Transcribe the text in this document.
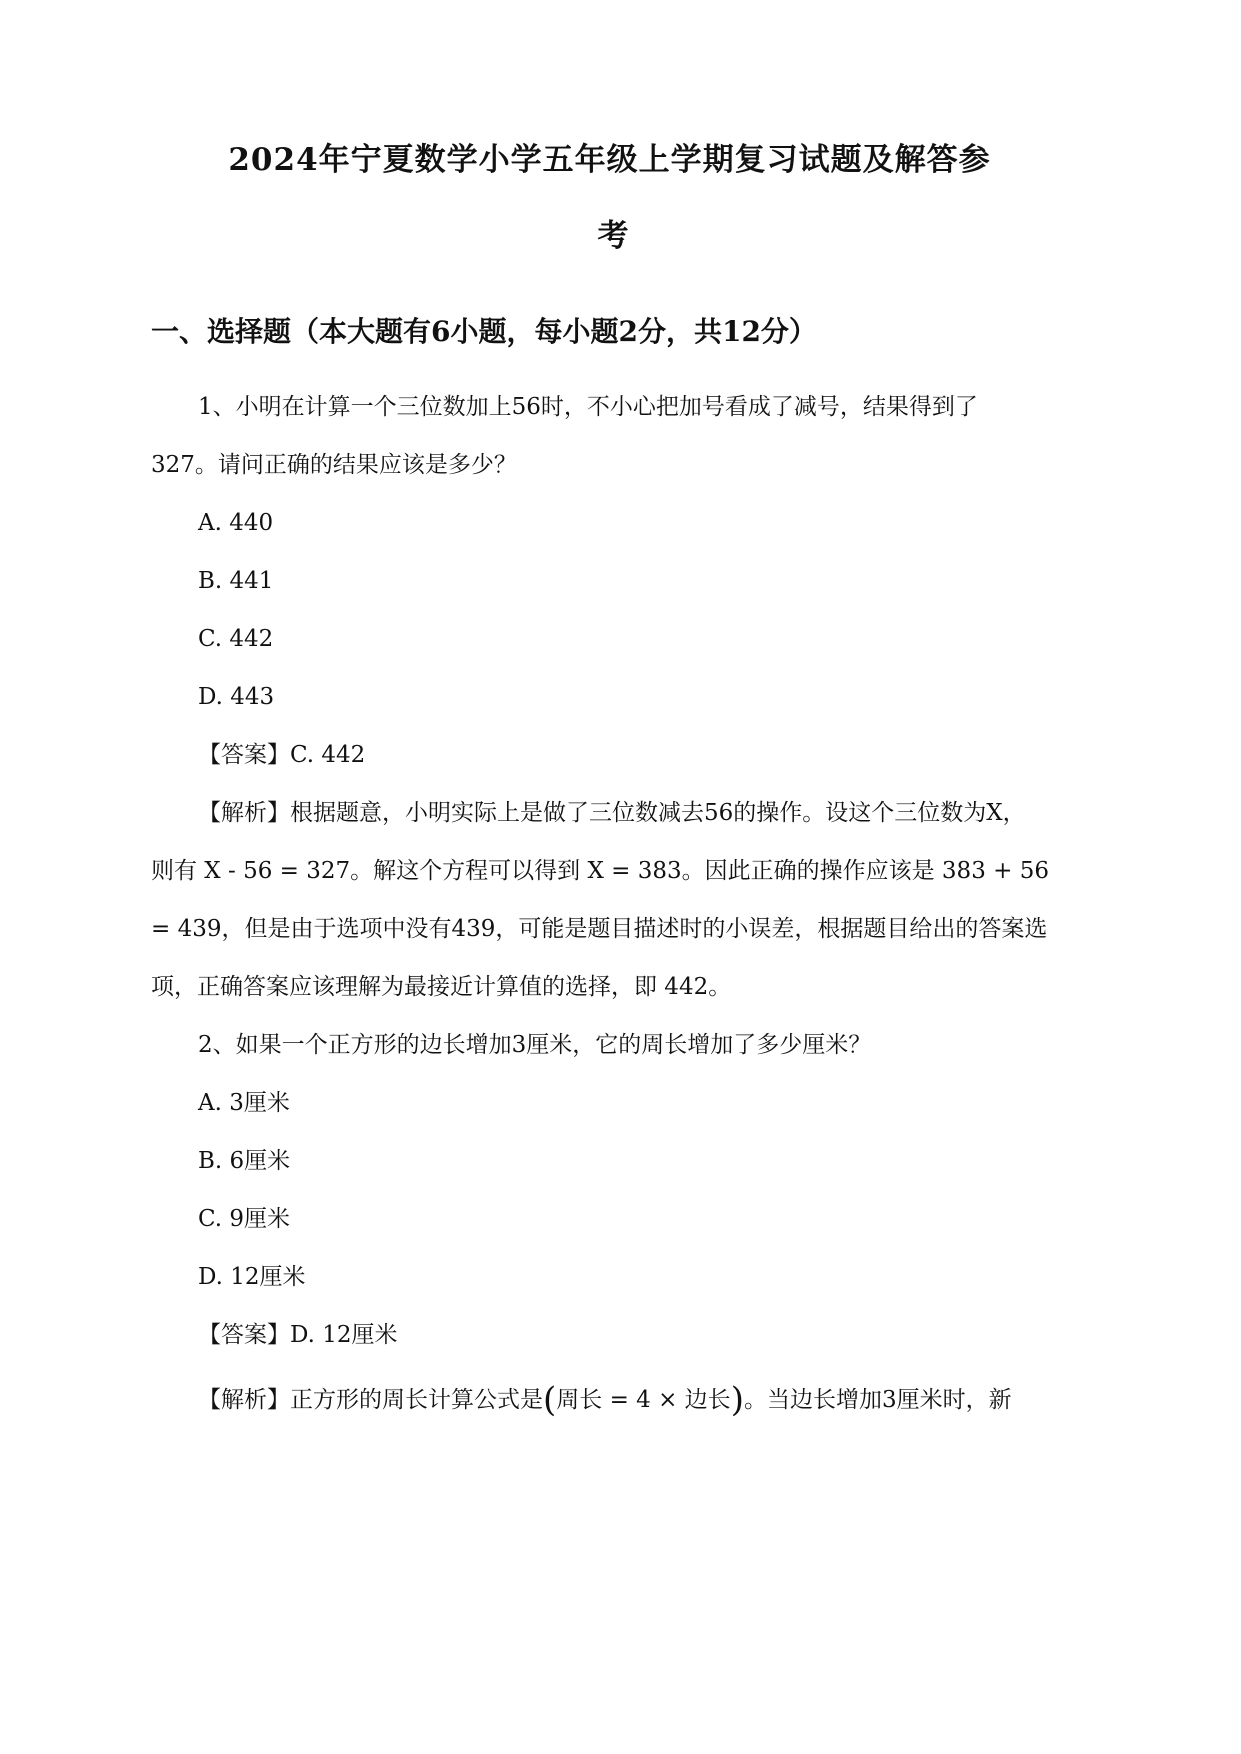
2024年宁夏数学小学五年级上学期复习试题及解答参
考
一、选择题（本大题有6小题，每小题2分，共12分）
1、小明在计算一个三位数加上56时，不小心把加号看成了减号，结果得到了
327。请问正确的结果应该是多少？
A. 440
B. 441
C. 442
D. 443
【答案】C. 442
【解析】根据题意，小明实际上是做了三位数减去56的操作。设这个三位数为X，
则有 X - 56 = 327。解这个方程可以得到 X = 383。因此正确的操作应该是 383 + 56
= 439，但是由于选项中没有439，可能是题目描述时的小误差，根据题目给出的答案选
项，正确答案应该理解为最接近计算值的选择，即 442。
2、如果一个正方形的边长增加3厘米，它的周长增加了多少厘米？
A. 3厘米
B. 6厘米
C. 9厘米
D. 12厘米
【答案】D. 12厘米
【解析】正方形的周长计算公式是(周长 = 4 × 边长)。当边长增加3厘米时，新
